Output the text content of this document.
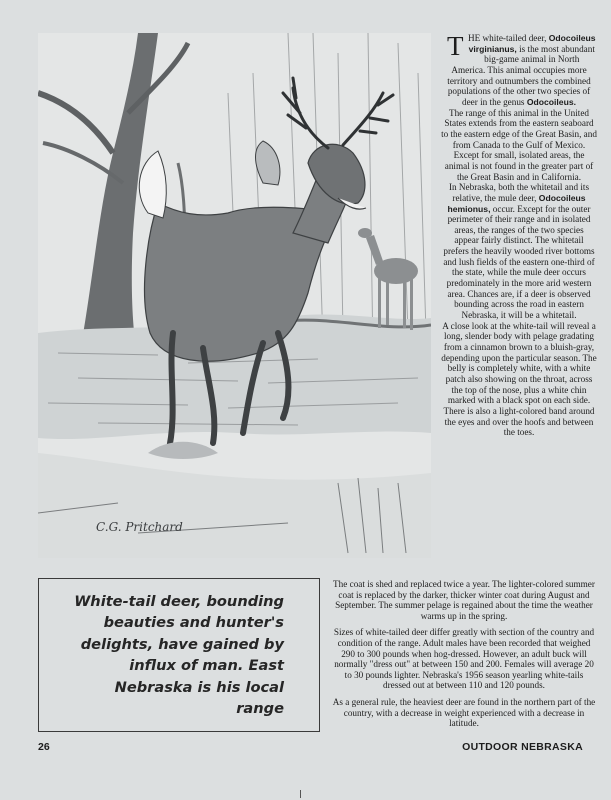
C.G. Pritchard

THE white-tailed deer, Odocoileus virginianus, is the most abundant big-game animal in North America. This animal occupies more territory and outnumbers the combined populations of the other two species of deer in the genus Odocoileus.

The range of this animal in the United States extends from the eastern seaboard to the eastern edge of the Great Basin, and from Canada to the Gulf of Mexico. Except for small, isolated areas, the animal is not found in the greater part of the Great Basin and in California.

In Nebraska, both the whitetail and its relative, the mule deer, Odocoileus hemionus, occur. Except for the outer perimeter of their range and in isolated areas, the ranges of the two species appear fairly distinct. The whitetail prefers the heavily wooded river bottoms and lush fields of the eastern one-third of the state, while the mule deer occurs predominately in the more arid western area. Chances are, if a deer is observed bounding across the road in eastern Nebraska, it will be a whitetail.

A close look at the white-tail will reveal a long, slender body with pelage gradating from a cinnamon brown to a bluish-gray, depending upon the particular season. The belly is completely white, with a white patch also showing on the throat, across the top of the nose, plus a white chin marked with a black spot on each side. There is also a light-colored band around the eyes and over the hoofs and between the toes.

White-tail deer, bounding beauties and hunter's delights, have gained by influx of man. East Nebraska is his local range

The coat is shed and replaced twice a year. The lighter-colored summer coat is replaced by the darker, thicker winter coat during August and September. The summer pelage is regained about the time the weather warms up in the spring.

Sizes of white-tailed deer differ greatly with section of the country and condition of the range. Adult males have been recorded that weighed 290 to 300 pounds when hog-dressed. However, an adult buck will normally "dress out" at between 150 and 200. Females will average 20 to 30 pounds lighter. Nebraska's 1956 season yearling white-tails dressed out at between 110 and 120 pounds.

As a general rule, the heaviest deer are found in the northern part of the country, with a decrease in weight experienced with a decrease in latitude.

26	OUTDOOR NEBRASKA
